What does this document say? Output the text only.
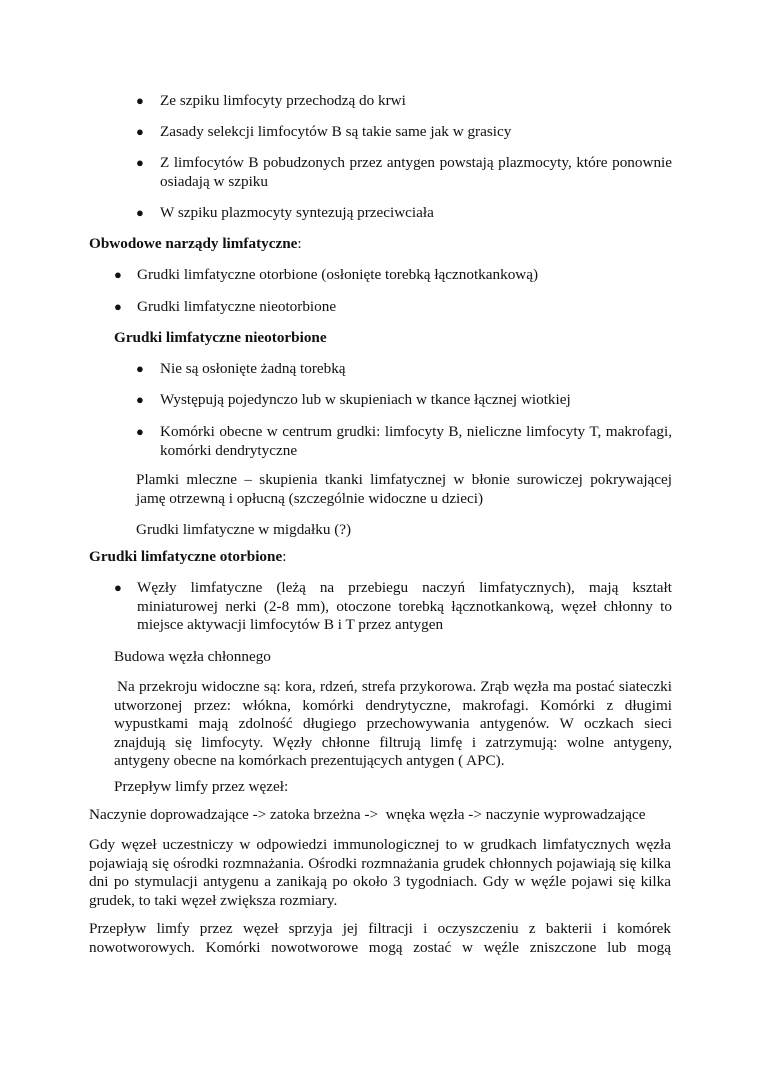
● Ze szpiku limfocyty przechodzą do krwi
● Zasady selekcji limfocytów B są takie same jak w grasicy
● Z limfocytów B pobudzonych przez antygen powstają plazmocyty, które ponownie osiadają w szpiku
● W szpiku plazmocyty syntezują przeciwciała
Obwodowe narządy limfatyczne:
● Grudki limfatyczne otorbione (osłonięte torebką łącznotkankową)
● Grudki limfatyczne nieotorbione
Grudki limfatyczne nieotorbione
● Nie są osłonięte żadną torebką
● Występują pojedynczo lub w skupieniach w tkance łącznej wiotkiej
● Komórki obecne w centrum grudki: limfocyty B, nieliczne limfocyty T, makrofagi, komórki dendrytyczne
Plamki mleczne – skupienia tkanki limfatycznej w błonie surowiczej pokrywającej jamę otrzewną i opłucną (szczególnie widoczne u dzieci)
Grudki limfatyczne w migdałku (?)
Grudki limfatyczne otorbione:
● Węzły limfatyczne (leżą na przebiegu naczyń limfatycznych), mają kształt miniaturowej nerki (2-8 mm), otoczone torebką łącznotkankową, węzeł chłonny to miejsce aktywacji limfocytów B i T przez antygen
Budowa węzła chłonnego
Na przekroju widoczne są: kora, rdzeń, strefa przykorowa. Zrąb węzła ma postać siateczki utworzonej przez: włókna, komórki dendrytyczne, makrofagi. Komórki z długimi wypustkami mają zdolność długiego przechowywania antygenów. W oczkach sieci znajdują się limfocyty. Węzły chłonne filtrują limfę i zatrzymują: wolne antygeny, antygeny obecne na komórkach prezentujących antygen ( APC).
Przepływ limfy przez węzeł:
Naczynie doprowadzające -> zatoka brzeżna ->  wnęka węzła -> naczynie wyprowadzające
Gdy węzeł uczestniczy w odpowiedzi immunologicznej to w grudkach limfatycznych węzła pojawiają się ośrodki rozmnażania. Ośrodki rozmnażania grudek chłonnych pojawiają się kilka dni po stymulacji antygenu a zanikają po około 3 tygodniach. Gdy w węźle pojawi się kilka grudek, to taki węzeł zwiększa rozmiary.
Przepływ limfy przez węzeł sprzyja jej filtracji i oczyszczeniu z bakterii i komórek nowotworowych. Komórki nowotworowe mogą zostać w węźle zniszczone lub mogą
